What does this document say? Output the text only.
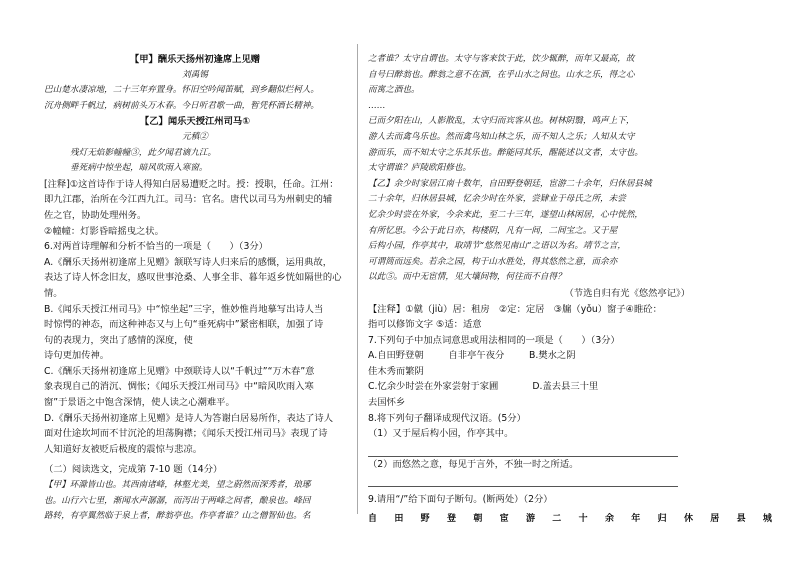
【甲】酬乐天扬州初逢席上见赠
刘禹锡
巴山楚水凄凉地，二十三年弃置身。怀旧空吟闻笛赋，到乡翻似烂柯人。
沉舟侧畔千帆过，病树前头万木春。今日听君歌一曲，暂凭杯酒长精神。
【乙】闻乐天授江州司马①
元稹②
残灯无焰影幢幢③，此夕闻君谪九江。
垂死病中惊坐起，暗风吹雨入寒窗。
[注释]①这首诗作于诗人得知白居易遭贬之时。授：授职，任命。江州：
即九江郡，治所在今江西九江。司马：官名。唐代以司马为州刺史的辅
佐之官，协助处理州务。
②幢幢：灯影昏暗摇曳之状。
6.对两首诗理解和分析不恰当的一项是（　　）（3分）
A.《酬乐天扬州初逢席上见赠》颔联写诗人归来后的感慨，运用典故，
表达了诗人怀念旧友，感叹世事沧桑、人事全非、暮年返乡恍如隔世的心
情。
B.《闻乐天授江州司马》中“惊坐起”三字，惟妙惟肖地摹写出诗人当
时惊愕的神态，而这种神态又与上句“垂死病中”紧密相联，加强了诗
句的表现力，突出了感情的深度，使
诗句更加传神。
C.《酬乐天扬州初逢席上见赠》中颈联诗人以“千帆过”“万木春”意
象表现自己的消沉、惆怅；《闻乐天授江州司马》中“暗风吹雨入寒
窗”于景语之中饱含深情，使人读之心潮难平。
D.《酬乐天扬州初逢席上见赠》是诗人为答谢白居易所作，表达了诗人
面对仕途坎坷而不甘沉沦的坦荡胸襟；《闻乐天授江州司马》表现了诗
人知道好友被贬后极度的震惊与悲凉。
（二）阅读选文，完成第 7-10 题（14分）
【甲】环滁皆山也。其西南诸峰，林壑尤美，望之蔚然而深秀者，琅琊
也。山行六七里，渐闻水声潺潺，而泻出于两峰之间者，酿泉也。峰回
路转，有亭翼然临于泉上者，醉翁亭也。作亭者谁？山之僧智仙也。名
之者谁？太守自谓也。太守与客来饮于此，饮少辄醉，而年又最高，故
自号曰醉翁也。醉翁之意不在酒，在乎山水之间也。山水之乐，得之心
而寓之酒也。
……
已而夕阳在山，人影散乱，太守归而宾客从也。树林阴翳，鸣声上下，
游人去而禽鸟乐也。然而禽鸟知山林之乐，而不知人之乐；人知从太守
游而乐，而不知太守之乐其乐也。醉能同其乐，醒能述以文者，太守也。
太守谓谁？庐陵欧阳修也。
【乙】余少时家居江南十数年，自田野登朝廷，宦游二十余年，归休居县城
二十余年，归休居县城，忆余少时在外家，尝肄业于母氏之所，未尝
忆余少时尝在外家，今余来此，至二十三年，遂望山林闲居，心中恍然，
有所忆思。今公于此日亦，构楼阴，凡有一间，二间宝之。又于屋
后构小园，作亭其中，取靖节“悠然见南山”之语以为名。靖节之言，
可谓简而远矣。若余之园，构于山水胜处，得其悠然之意，而余亦
以此⑤。而中无宦情，见大壤间物，何往而不自得？
（节选自归有光《悠然亭记》）
【注释】①僦（jiù）居：租房　②定：定居　③牖（yǒu）窗子④睢砼：
指可以修饰文字 ⑤适：适意
7.下列句子中加点词意思或用法相同的一项是（　　）（3分）
A.自田野登朝	自非亭午夜分	B.樊水之阴
佳木秀而繁阴
C.忆余少时尝在外家 尝射于家圃	D.盖去县三十里
去国怀乡
8.将下列句子翻译成现代汉语。(5分）
（1）又于屋后构小园，作亭其中。
（2）而悠然之意，每见于言外，不独一时之所适。
9.请用“/”给下面句子断句。(断两处）（2分）
自 田 野 登 朝 宦 游 二 十 余 年 归 休 居 县 城
